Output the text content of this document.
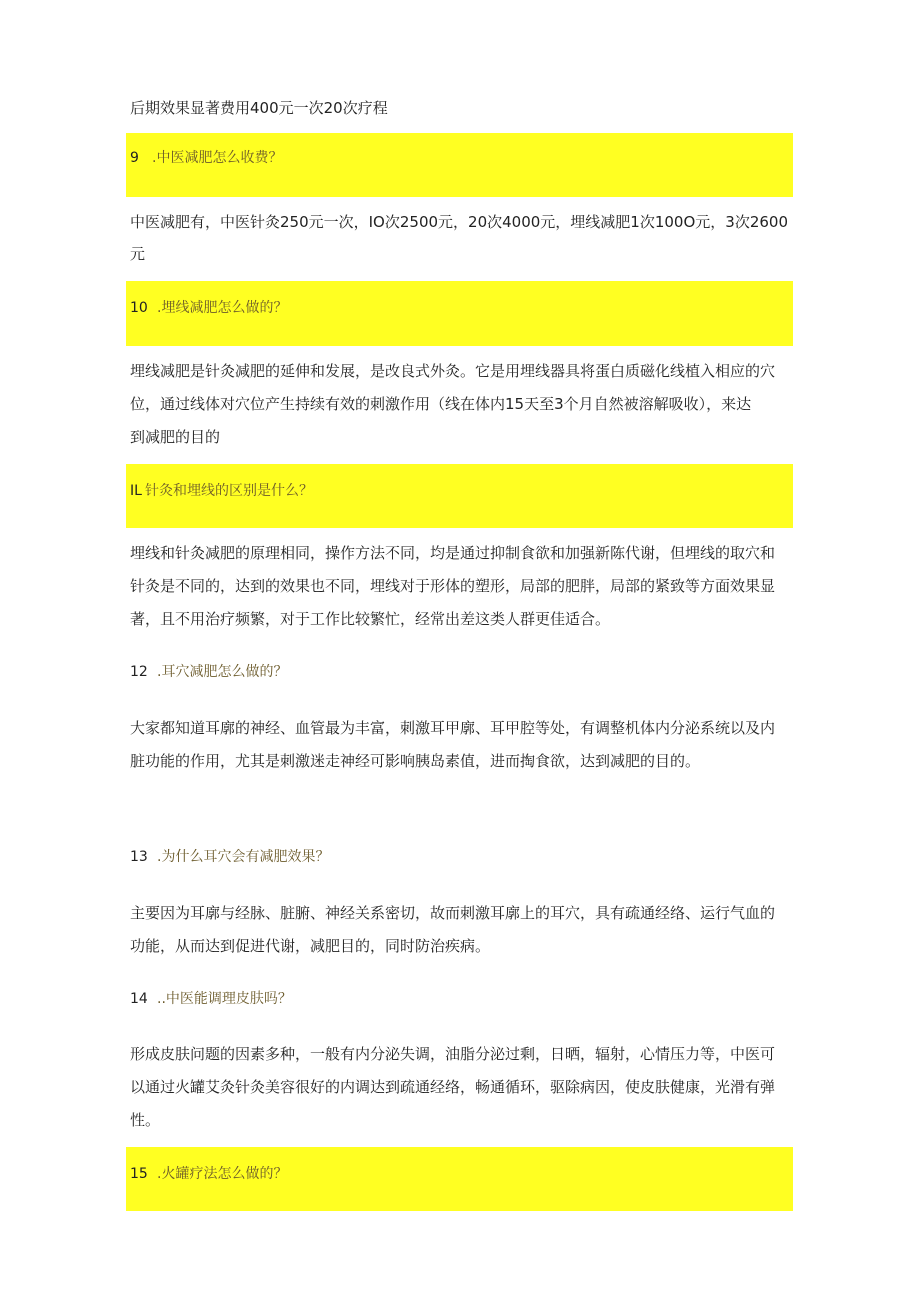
后期效果显著费用400元一次20次疗程
9 .中医减肥怎么收费？
中医减肥有，中医针灸250元一次，IO次2500元，20次4000元，埋线减肥1次100O元，3次2600
元
10 .埋线减肥怎么做的？
埋线减肥是针灸减肥的延伸和发展，是改良式外灸。它是用埋线器具将蛋白质磁化线植入相应的穴
位，通过线体对穴位产生持续有效的刺激作用（线在体内15天至3个月自然被溶解吸收），来达
到减肥的目的
IL 针灸和埋线的区别是什么？
埋线和针灸减肥的原理相同，操作方法不同，均是通过抑制食欲和加强新陈代谢，但埋线的取穴和
针灸是不同的，达到的效果也不同，埋线对于形体的塑形，局部的肥胖，局部的紧致等方面效果显
著，且不用治疗频繁，对于工作比较繁忙，经常出差这类人群更佳适合。
12 .耳穴减肥怎么做的？
大家都知道耳廓的神经、血管最为丰富，刺激耳甲廓、耳甲腔等处，有调整机体内分泌系统以及内
脏功能的作用，尤其是刺激迷走神经可影响胰岛素值，进而掏食欲，达到减肥的目的。
13 .为什么耳穴会有减肥效果？
主要因为耳廓与经脉、脏腑、神经关系密切，故而刺激耳廓上的耳穴，具有疏通经络、运行气血的
功能，从而达到促进代谢，减肥目的，同时防治疾病。
14 ..中医能调理皮肤吗？
形成皮肤问题的因素多种，一般有内分泌失调，油脂分泌过剩，日晒，辐射，心情压力等，中医可
以通过火罐艾灸针灸美容很好的内调达到疏通经络，畅通循环，驱除病因，使皮肤健康，光滑有弹
性。
15 .火罐疗法怎么做的？
